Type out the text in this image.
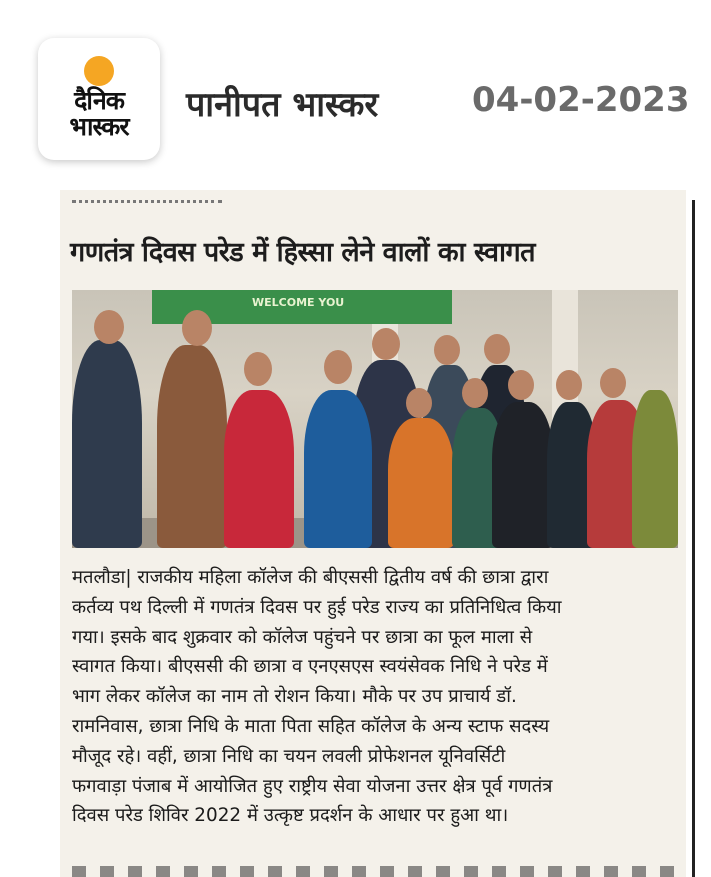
दैनिक
भास्कर
पानीपत भास्कर	04-02-2023
गणतंत्र दिवस परेड में हिस्सा लेने वालों का स्वागत
WELCOME YOU
मतलौडा| राजकीय महिला कॉलेज की बीएससी द्वितीय वर्ष की छात्रा द्वारा
कर्तव्य पथ दिल्ली में गणतंत्र दिवस पर हुई परेड राज्य का प्रतिनिधित्व किया
गया। इसके बाद शुक्रवार को कॉलेज पहुंचने पर छात्रा का फूल माला से
स्वागत किया। बीएससी की छात्रा व एनएसएस स्वयंसेवक निधि ने परेड में
भाग लेकर कॉलेज का नाम तो रोशन किया। मौके पर उप प्राचार्य डॉ.
रामनिवास, छात्रा निधि के माता पिता सहित कॉलेज के अन्य स्टाफ सदस्य
मौजूद रहे। वहीं, छात्रा निधि का चयन लवली प्रोफेशनल यूनिवर्सिटी
फगवाड़ा पंजाब में आयोजित हुए राष्ट्रीय सेवा योजना उत्तर क्षेत्र पूर्व गणतंत्र
दिवस परेड शिविर 2022 में उत्कृष्ट प्रदर्शन के आधार पर हुआ था।
